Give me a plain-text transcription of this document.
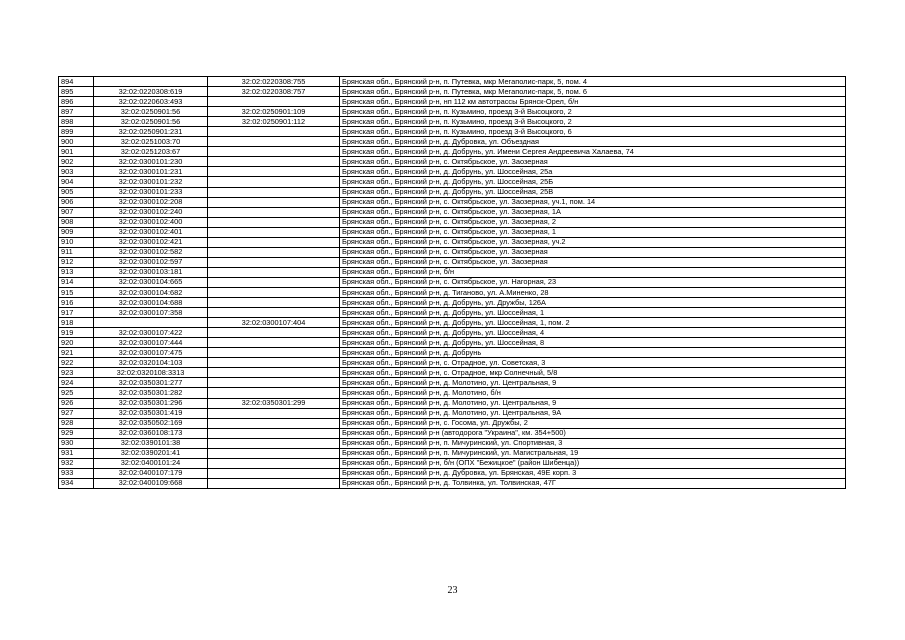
894		32:02:0220308:755	Брянская обл., Брянский р-н, п. Путевка, мкр Мегаполис-парк, 5, пом. 4
895	32:02:0220308:619	32:02:0220308:757	Брянская обл., Брянский р-н, п. Путевка, мкр Мегаполис-парк, 5, пом. 6
896	32:02:0220603:493		Брянская обл., Брянский р-н, нп 112 км автотрассы Брянск-Орел, б/н
897	32:02:0250901:56	32:02:0250901:109	Брянская обл., Брянский р-н, п. Кузьмино, проезд 3-й Высоцкого, 2
898	32:02:0250901:56	32:02:0250901:112	Брянская обл., Брянский р-н, п. Кузьмино, проезд 3-й Высоцкого, 2
899	32:02:0250901:231		Брянская обл., Брянский р-н, п. Кузьмино, проезд 3-й Высоцкого, 6
900	32:02:0251003:70		Брянская обл., Брянский р-н, д. Дубровка, ул. Объездная
901	32:02:0251203:67		Брянская обл., Брянский р-н, д. Добрунь, ул. Имени Сергея Андреевича Халаева, 74
902	32:02:0300101:230		Брянская обл., Брянский р-н, с. Октябрьское, ул. Заозерная
903	32:02:0300101:231		Брянская обл., Брянский р-н, д. Добрунь, ул. Шоссейная, 25а
904	32:02:0300101:232		Брянская обл., Брянский р-н, д. Добрунь, ул. Шоссейная, 25Б
905	32:02:0300101:233		Брянская обл., Брянский р-н, д. Добрунь, ул. Шоссейная, 25В
906	32:02:0300102:208		Брянская обл., Брянский р-н, с. Октябрьское, ул. Заозерная, уч.1, пом. 14
907	32:02:0300102:240		Брянская обл., Брянский р-н, с. Октябрьское, ул. Заозерная, 1А
908	32:02:0300102:400		Брянская обл., Брянский р-н, с. Октябрьское, ул. Заозерная, 2
909	32:02:0300102:401		Брянская обл., Брянский р-н, с. Октябрьское, ул. Заозерная, 1
910	32:02:0300102:421		Брянская обл., Брянский р-н, с. Октябрьское, ул. Заозерная, уч.2
911	32:02:0300102:582		Брянская обл., Брянский р-н, с. Октябрьское, ул. Заозерная
912	32:02:0300102:597		Брянская обл., Брянский р-н, с. Октябрьское, ул. Заозерная
913	32:02:0300103:181		Брянская обл., Брянский р-н, б/н
914	32:02:0300104:665		Брянская обл., Брянский р-н, с. Октябрьское, ул. Нагорная, 23
915	32:02:0300104:682		Брянская обл., Брянский р-н, д. Тиганово, ул. А.Миненко, 28
916	32:02:0300104:688		Брянская обл., Брянский р-н, д. Добрунь, ул. Дружбы, 126А
917	32:02:0300107:358		Брянская обл., Брянский р-н, д. Добрунь, ул. Шоссейная, 1
918		32:02:0300107:404	Брянская обл., Брянский р-н, д. Добрунь, ул. Шоссейная, 1, пом. 2
919	32:02:0300107:422		Брянская обл., Брянский р-н, д. Добрунь, ул. Шоссейная, 4
920	32:02:0300107:444		Брянская обл., Брянский р-н, д. Добрунь, ул. Шоссейная, 8
921	32:02:0300107:475		Брянская обл., Брянский р-н, д. Добрунь
922	32:02:0320104:103		Брянская обл., Брянский р-н, с. Отрадное, ул. Советская, 3
923	32:02:0320108:3313		Брянская обл., Брянский р-н, с. Отрадное, мкр Солнечный, 5/8
924	32:02:0350301:277		Брянская обл., Брянский р-н, д. Молотино, ул. Центральная, 9
925	32:02:0350301:282		Брянская обл., Брянский р-н, д. Молотино, б/н
926	32:02:0350301:296	32:02:0350301:299	Брянская обл., Брянский р-н, д. Молотино, ул. Центральная, 9
927	32:02:0350301:419		Брянская обл., Брянский р-н, д. Молотино, ул. Центральная, 9А
928	32:02:0350502:169		Брянская обл., Брянский р-н, с. Госома, ул. Дружбы, 2
929	32:02:0360108:173		Брянская обл., Брянский р-н (автодорога "Украина", км. 354+500)
930	32:02:0390101:38		Брянская обл., Брянский р-н, п. Мичуринский, ул. Спортивная, 3
931	32:02:0390201:41		Брянская обл., Брянский р-н, п. Мичуринский, ул. Магистральная, 19
932	32:02:0400101:24		Брянская обл., Брянский р-н, б/н (ОПХ "Бежицкое" (район Шибенца))
933	32:02:0400107:179		Брянская обл., Брянский р-н, д. Дубровка, ул. Брянская, 49Е корп. 3
934	32:02:0400109:668		Брянская обл., Брянский р-н, д. Толвинка, ул. Толвинская, 47Г
23
